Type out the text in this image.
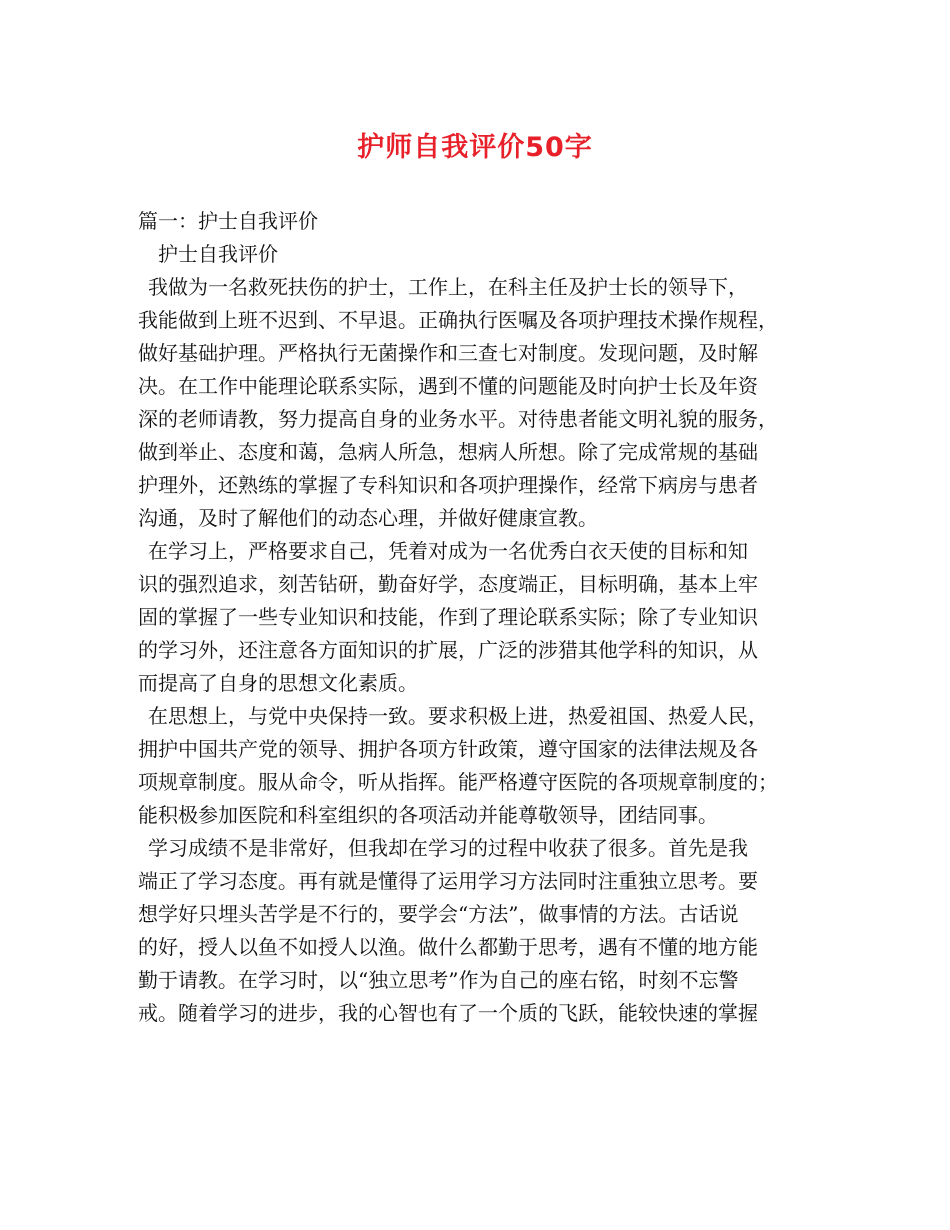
护师自我评价50字
篇一：护士自我评价
护士自我评价
我做为一名救死扶伤的护士，工作上，在科主任及护士长的领导下，
我能做到上班不迟到、不早退。正确执行医嘱及各项护理技术操作规程，
做好基础护理。严格执行无菌操作和三查七对制度。发现问题，及时解
决。在工作中能理论联系实际，遇到不懂的问题能及时向护士长及年资
深的老师请教，努力提高自身的业务水平。对待患者能文明礼貌的服务，
做到举止、态度和蔼，急病人所急，想病人所想。除了完成常规的基础
护理外，还熟练的掌握了专科知识和各项护理操作，经常下病房与患者
沟通，及时了解他们的动态心理，并做好健康宣教。
在学习上，严格要求自己，凭着对成为一名优秀白衣天使的目标和知
识的强烈追求，刻苦钻研，勤奋好学，态度端正，目标明确，基本上牢
固的掌握了一些专业知识和技能，作到了理论联系实际；除了专业知识
的学习外，还注意各方面知识的扩展，广泛的涉猎其他学科的知识，从
而提高了自身的思想文化素质。
在思想上，与党中央保持一致。要求积极上进，热爱祖国、热爱人民，
拥护中国共产党的领导、拥护各项方针政策，遵守国家的法律法规及各
项规章制度。服从命令，听从指挥。能严格遵守医院的各项规章制度的；
能积极参加医院和科室组织的各项活动并能尊敬领导，团结同事。
学习成绩不是非常好，但我却在学习的过程中收获了很多。首先是我
端正了学习态度。再有就是懂得了运用学习方法同时注重独立思考。要
想学好只埋头苦学是不行的，要学会“方法”，做事情的方法。古话说
的好，授人以鱼不如授人以渔。做什么都勤于思考，遇有不懂的地方能
勤于请教。在学习时，以“独立思考”作为自己的座右铭，时刻不忘警
戒。随着学习的进步，我的心智也有了一个质的飞跃，能较快速的掌握
